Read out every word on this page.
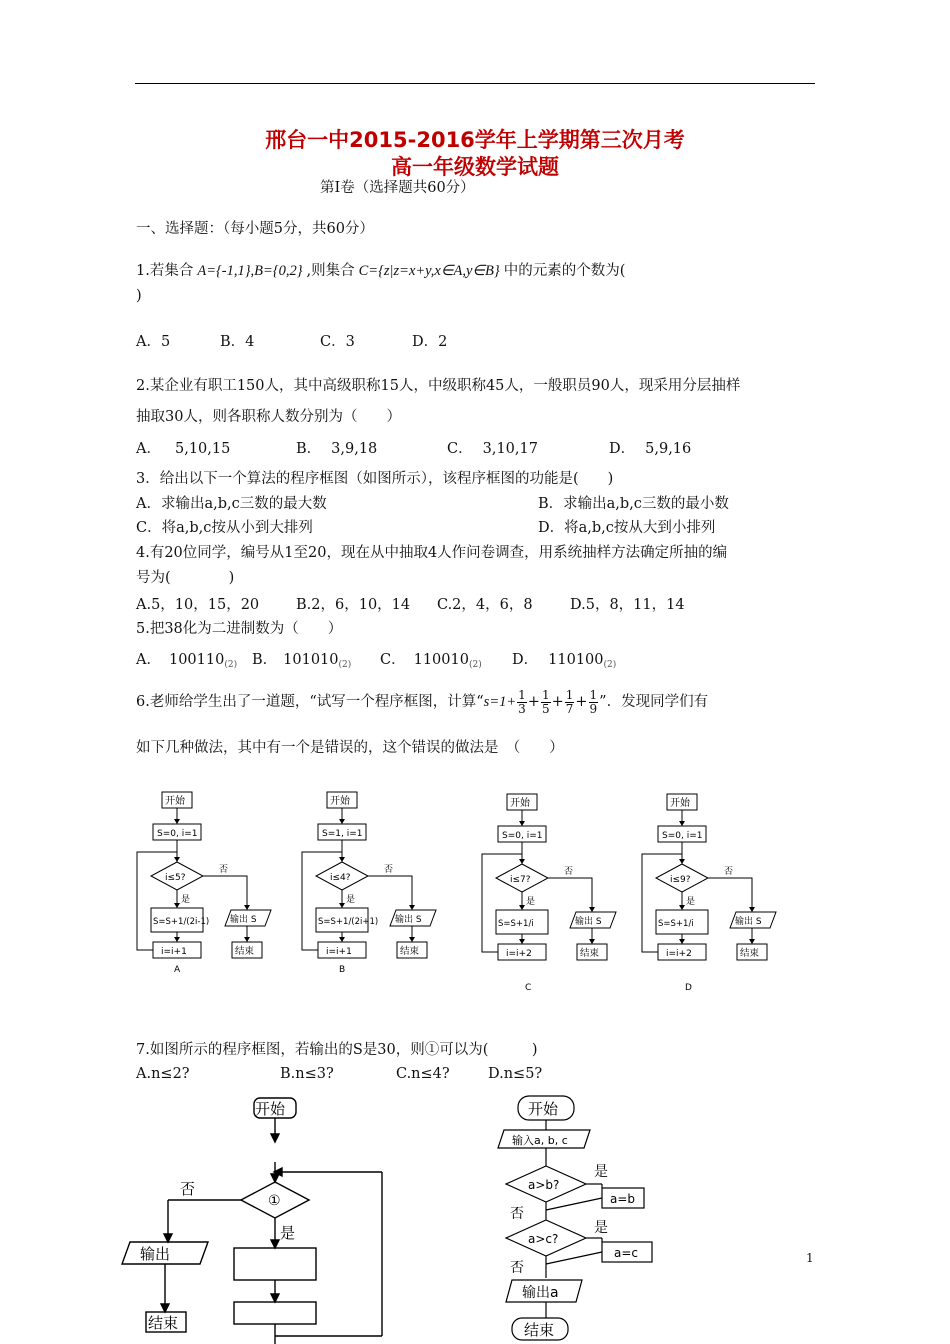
邢台一中2015-2016学年上学期第三次月考
高一年级数学试题
第Ⅰ卷（选择题共60分）
一、选择题：（每小题5分，共60分）
1.若集合 A={-1,1},B={0,2} ,则集合 C={z|z=x+y,x∈A,y∈B} 中的元素的个数为(
)
A．5	B．4	C．3	D．2
2.某企业有职工150人，其中高级职称15人，中级职称45人，一般职员90人，现采用分层抽样
抽取30人，则各职称人数分别为（　　）
A． 5,10,15	B． 3,9,18	C． 3,10,17	D． 5,9,16
3．给出以下一个算法的程序框图（如图所示），该程序框图的功能是(　　)
A．求输出a,b,c三数的最大数	B．求输出a,b,c三数的最小数
C．将a,b,c按从小到大排列	D．将a,b,c按从大到小排列
4.有20位同学，编号从1至20，现在从中抽取4人作问卷调查，用系统抽样方法确定所抽的编
号为(　　　　)
A.5，10，15，20	B.2，6，10，14 C.2，4，6，8	D.5，8，11，14
5.把38化为二进制数为（　　）
A． $100110_{(2)}$ B． $101010_{(2)}$ C． $110010_{(2)}$ D． $110100_{(2)}$
6.老师给学生出了一道题，“试写一个程序框图，计算“$s=1+ \frac{1}{3} + \frac{1}{5} + \frac{1}{7} + \frac{1}{9}$ ”．发现同学们有
如下几种做法，其中有一个是错误的，这个错误的做法是　（　　）
开始
S=0, i=1
i≤5?
是
S=S+1/(2i-1)
i=i+1
否
输出 S
结束
A
开始
S=1, i=1
i≤4?
是
S=S+1/(2i+1)
i=i+1
否
输出 S
结束
B
开始
S=0, i=1
i≤7?
是
S=S+1/i
i=i+2
否
输出 S
结束
C
开始
S=0, i=1
i≤9?
是
S=S+1/i
i=i+2
否
输出 S
结束
D
7.如图所示的程序框图，若输出的S是30，则①可以为(　　　)
A.n≤2?	B.n≤3?	C.n≤4?	D.n≤5?
开始
①
是
否
输出
结束
开始
输入a, b, c
a>b?
是
a=b
否
a>c?
是
a=c
否
输出a
结束
1
